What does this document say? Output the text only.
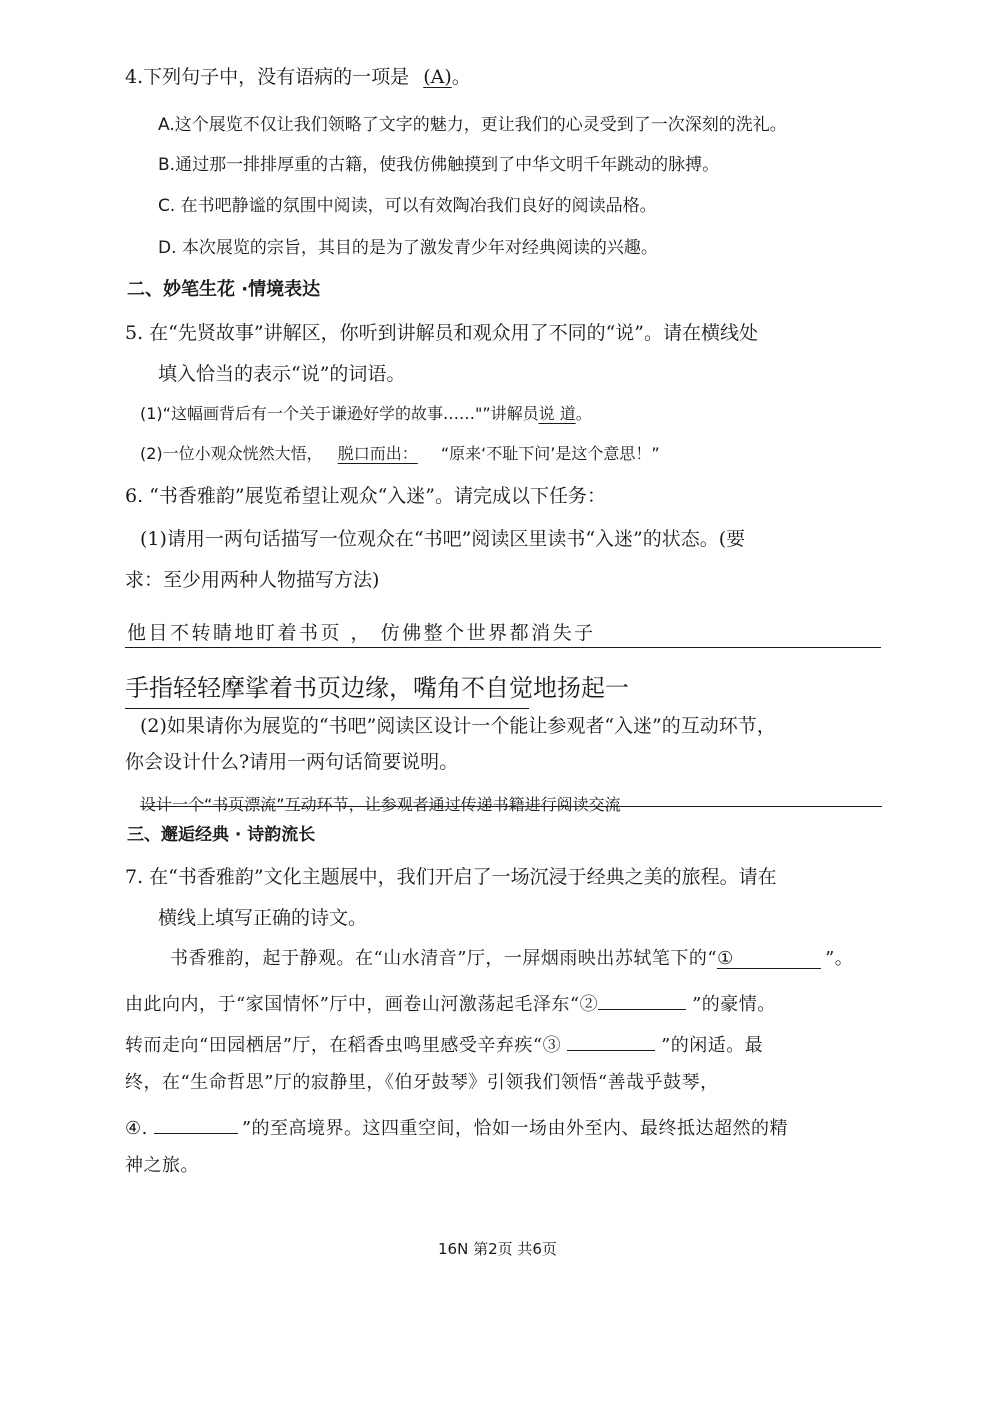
4.下列句子中，没有语病的一项是 (A)。
A.这个展览不仅让我们领略了文字的魅力，更让我们的心灵受到了一次深刻的洗礼。
B.通过那一排排厚重的古籍，使我仿佛触摸到了中华文明千年跳动的脉搏。
C. 在书吧静谧的氛围中阅读，可以有效陶冶我们良好的阅读品格。
D. 本次展览的宗旨，其目的是为了激发青少年对经典阅读的兴趣。
二、妙笔生花 ·情境表达
5. 在“先贤故事”讲解区，你听到讲解员和观众用了不同的“说”。请在横线处
填入恰当的表示“说”的词语。
(1)“这幅画背后有一个关于谦逊好学的故事……"”讲解员说 道。
(2)一位小观众恍然大悟， 脱口而出： “原来‘不耻下问’是这个意思！”
6. “书香雅韵”展览希望让观众“入迷”。请完成以下任务：
(1)请用一两句话描写一位观众在“书吧”阅读区里读书“入迷”的状态。(要
求：至少用两种人物描写方法)
他目不转睛地盯着书页 ， 仿佛整个世界都消失子
手指轻轻摩挲着书页边缘，嘴角不自觉地扬起一
(2)如果请你为展览的“书吧”阅读区设计一个能让参观者“入迷”的互动环节，
你会设计什么?请用一两句话简要说明。
设计一个“书页漂流”互动环节，让参观者通过传递书籍进行阅读交流
三、邂逅经典 · 诗韵流长
7. 在“书香雅韵”文化主题展中，我们开启了一场沉浸于经典之美的旅程。请在
横线上填写正确的诗文。
书香雅韵，起于静观。在“山水清音”厅，一屏烟雨映出苏轼笔下的“①	”。
由此向内，于“家国情怀”厅中，画卷山河激荡起毛泽东“②	”的豪情。
转而走向“田园栖居”厅，在稻香虫鸣里感受辛弃疾“③	”的闲适。最
终，在“生命哲思”厅的寂静里，《伯牙鼓琴》引领我们领悟“善哉乎鼓琴，
④.	”的至高境界。这四重空间，恰如一场由外至内、最终抵达超然的精
神之旅。
16N 第2页 共6页
